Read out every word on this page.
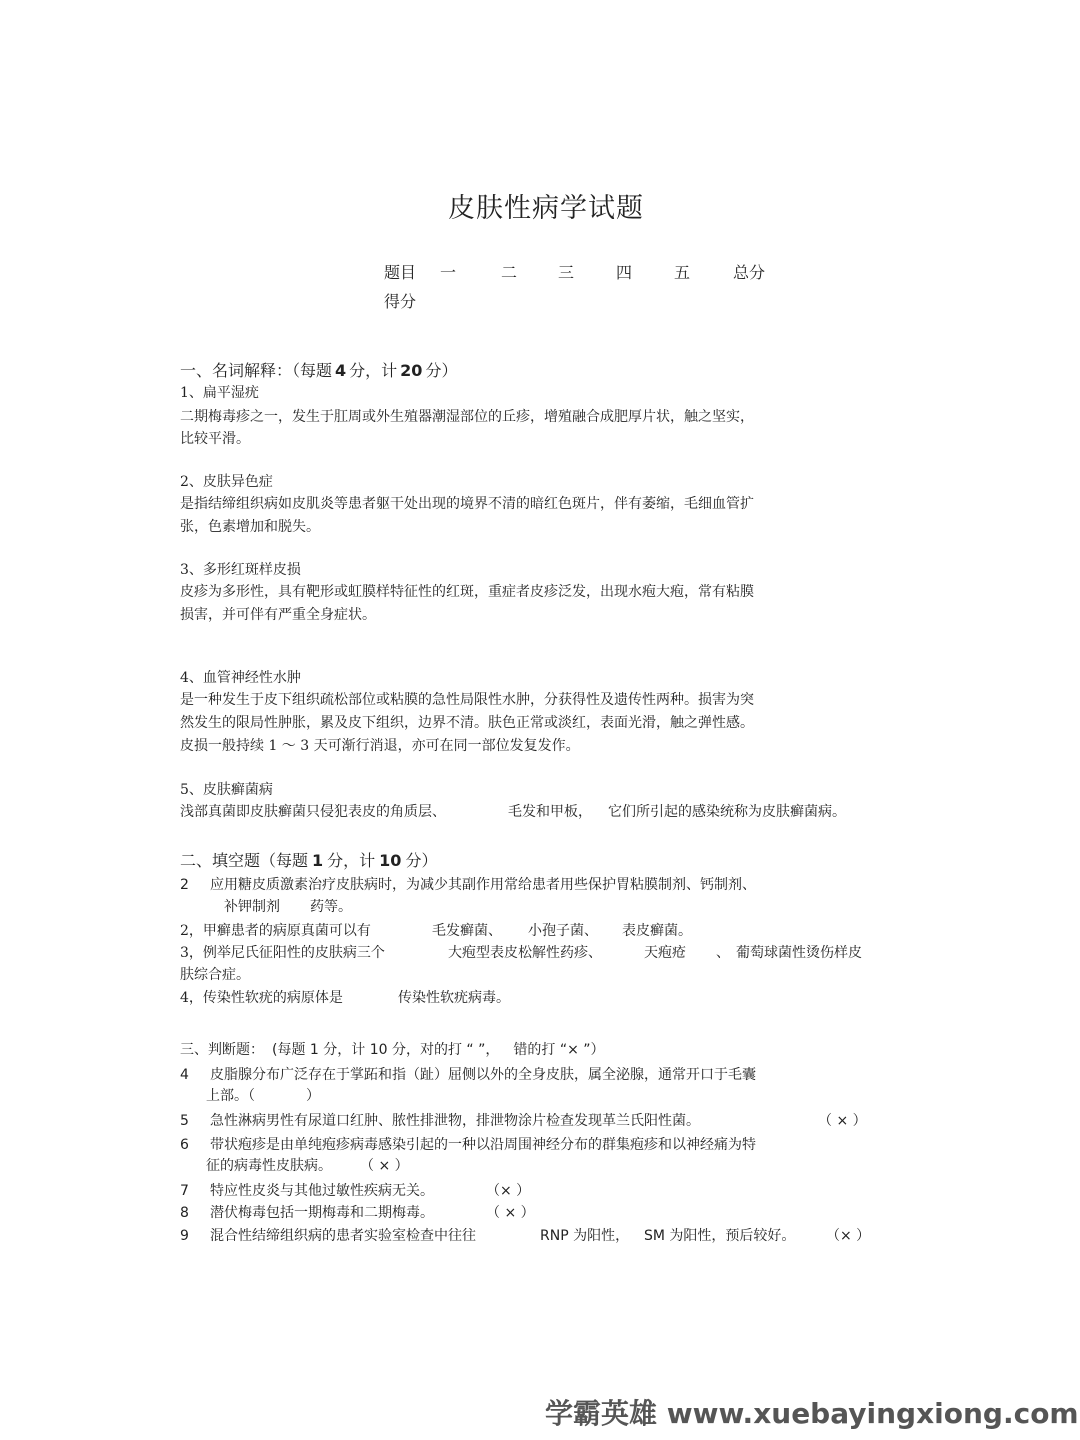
皮肤性病学试题
题目 一	二	三	四	五	总分
得分
一、名词解释：（每题 4 分，计 20 分）
1、扁平湿疣
二期梅毒疹之一，发生于肛周或外生殖器潮湿部位的丘疹，增殖融合成肥厚片状，触之坚实，
比较平滑。
2、皮肤异色症
是指结缔组织病如皮肌炎等患者躯干处出现的境界不清的暗红色斑片，伴有萎缩，毛细血管扩
张，色素增加和脱失。
3、多形红斑样皮损
皮疹为多形性，具有靶形或虹膜样特征性的红斑，重症者皮疹泛发，出现水疱大疱，常有粘膜
损害，并可伴有严重全身症状。
4、血管神经性水肿
是一种发生于皮下组织疏松部位或粘膜的急性局限性水肿，分获得性及遗传性两种。损害为突
然发生的限局性肿胀，累及皮下组织，边界不清。肤色正常或淡红，表面光滑，触之弹性感。
皮损一般持续 1 ～ 3 天可渐行消退，亦可在同一部位发复发作。
5、皮肤癣菌病
浅部真菌即皮肤癣菌只侵犯表皮的角质层、	毛发和甲板， 它们所引起的感染统称为皮肤癣菌病。
二、填空题（每题 1 分，计 10 分）
2 应用糖皮质激素治疗皮肤病时，为减少其副作用常给患者用些保护胃粘膜制剂、钙制剂、
补钾制剂 药等。
2，甲癣患者的病原真菌可以有	毛发癣菌、 小孢子菌、 表皮癣菌。
3，例举尼氏征阳性的皮肤病三个	大疱型表皮松解性药疹、	天疱疮 、 葡萄球菌性烫伤样皮
肤综合症。
4，传染性软疣的病原体是	传染性软疣病毒。
三、判断题： (每题 1 分，计 10 分，对的打 “ ”， 错的打 “× ”）
4 皮脂腺分布广泛存在于掌跖和指（趾）屈侧以外的全身皮肤，属全泌腺，通常开口于毛囊
上部。（	）
5 急性淋病男性有尿道口红肿、脓性排泄物，排泄物涂片检查发现革兰氏阳性菌。	（ × ）
6 带状疱疹是由单纯疱疹病毒感染引起的一种以沿周围神经分布的群集疱疹和以神经痛为特
征的病毒性皮肤病。 （ × ）
7 特应性皮炎与其他过敏性疾病无关。	（× ）
8 潜伏梅毒包括一期梅毒和二期梅毒。	（ × ）
9 混合性结缔组织病的患者实验室检查中往往	RNP 为阳性， SM 为阳性，预后较好。 （× ）
学霸英雄 www.xuebayingxiong.com
